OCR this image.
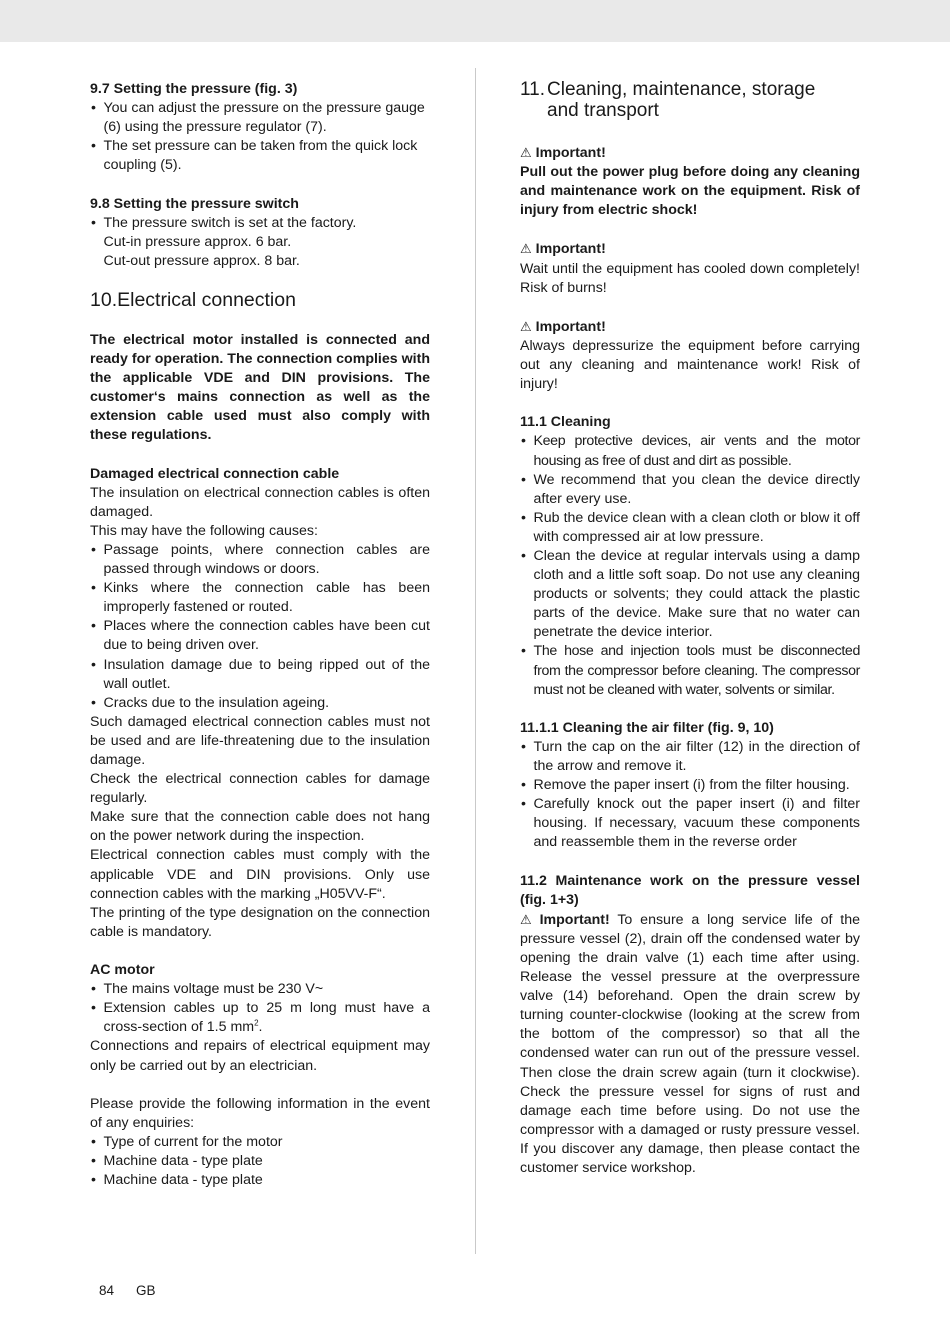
9.7 Setting the pressure (fig. 3)

• You can adjust the pressure on the pressure gauge (6) using the pressure regulator (7).
• The set pressure can be taken from the quick lock coupling (5).

9.8 Setting the pressure switch

• The pressure switch is set at the factory.
Cut-in pressure approx. 6 bar.
Cut-out pressure approx. 8 bar.
10.Electrical connection

The electrical motor installed is connected and ready for operation. The connection complies with the applicable VDE and DIN provisions. The customer‘s mains connection as well as the extension cable used must also comply with these regulations.

Damaged electrical connection cable

The insulation on electrical connection cables is often damaged.

This may have the following causes:

• Passage points, where connection cables are passed through windows or doors.
• Kinks where the connection cable has been improperly fastened or routed.
• Places where the connection cables have been cut due to being driven over.
• Insulation damage due to being ripped out of the wall outlet.
• Cracks due to the insulation ageing.

Such damaged electrical connection cables must not be used and are life-threatening due to the insulation damage.

Check the electrical connection cables for damage regularly.

Make sure that the connection cable does not hang on the power network during the inspection.

Electrical connection cables must comply with the applicable VDE and DIN provisions. Only use connection cables with the marking „H05VV-F“.

The printing of the type designation on the connection cable is mandatory.

AC motor

• The mains voltage must be 230 V~
• Extension cables up to 25 m long must have a cross-section of 1.5 $mm^2$.

Connections and repairs of electrical equipment may only be carried out by an electrician.

Please provide the following information in the event of any enquiries:

• Type of current for the motor
• Machine data - type plate
• Machine data - type plate
11. Cleaning, maintenance, storage
and transport

⚠ Important!

Pull out the power plug before doing any cleaning and maintenance work on the equipment. Risk of injury from electric shock!

⚠ Important!

Wait until the equipment has cooled down completely! Risk of burns!

⚠ Important!

Always depressurize the equipment before carrying out any cleaning and maintenance work! Risk of injury!

11.1 Cleaning

• Keep protective devices, air vents and the motor housing as free of dust and dirt as possible.
• We recommend that you clean the device directly after every use.
• Rub the device clean with a clean cloth or blow it off with compressed air at low pressure.
• Clean the device at regular intervals using a damp cloth and a little soft soap. Do not use any cleaning products or solvents; they could attack the plastic parts of the device. Make sure that no water can penetrate the device interior.
• The hose and injection tools must be disconnected from the compressor before cleaning. The compressor must not be cleaned with water, solvents or similar.

11.1.1 Cleaning the air filter (fig. 9, 10)

• Turn the cap on the air filter (12) in the direction of the arrow and remove it.
• Remove the paper insert (i) from the filter housing.
• Carefully knock out the paper insert (i) and filter housing. If necessary, vacuum these components and reassemble them in the reverse order

11.2 Maintenance work on the pressure vessel (fig. 1+3)

⚠ Important! To ensure a long service life of the pressure vessel (2), drain off the condensed water by opening the drain valve (1) each time after using. Release the vessel pressure at the overpressure valve (14) beforehand. Open the drain screw by turning counter-clockwise (looking at the screw from the bottom of the compressor) so that all the condensed water can run out of the pressure vessel. Then close the drain screw again (turn it clockwise). Check the pressure vessel for signs of rust and damage each time before using. Do not use the compressor with a damaged or rusty pressure vessel. If you discover any damage, then please contact the customer service workshop.

84 GB
